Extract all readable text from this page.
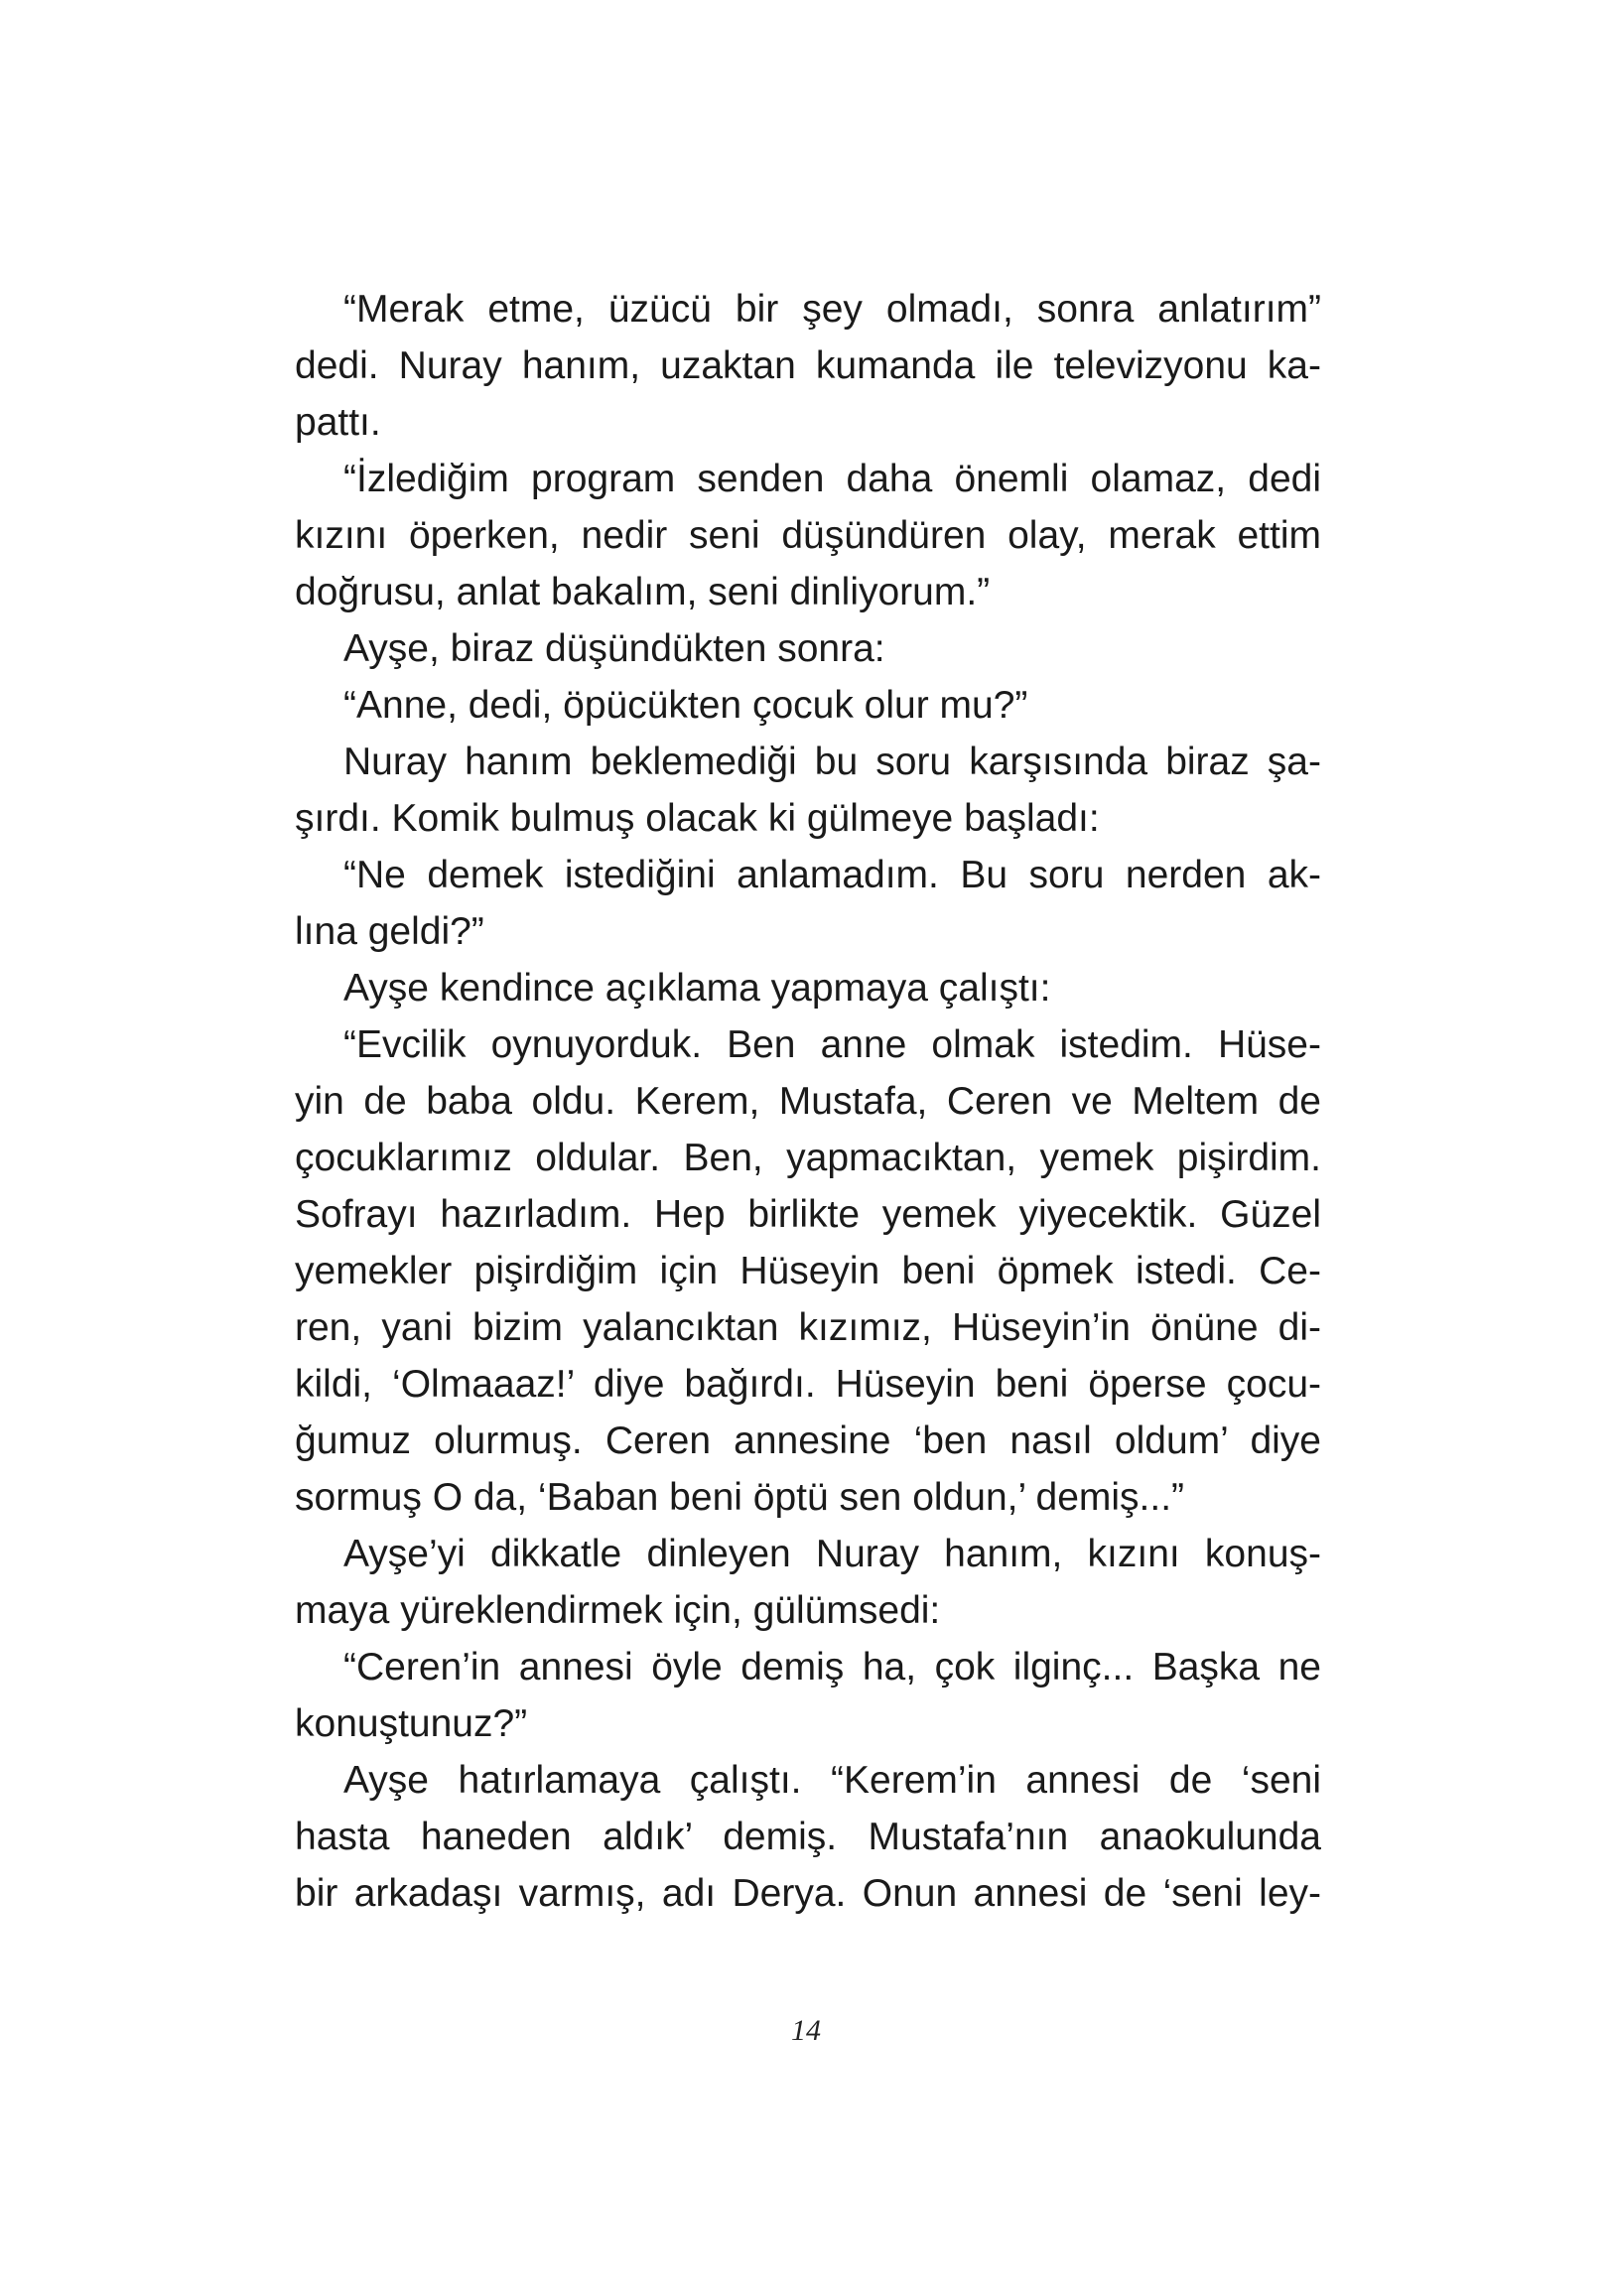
“Merak etme, üzücü bir şey olmadı, sonra anlatırım”
dedi. Nuray hanım, uzaktan kumanda ile televizyonu ka-
pattı.
“İzlediğim program senden daha önemli olamaz, dedi
kızını öperken, nedir seni düşündüren olay, merak ettim
doğrusu, anlat bakalım, seni dinliyorum.”
Ayşe, biraz düşündükten sonra:
“Anne, dedi, öpücükten çocuk olur mu?”
Nuray hanım beklemediği bu soru karşısında biraz şa-
şırdı. Komik bulmuş olacak ki gülmeye başladı:
“Ne demek istediğini anlamadım. Bu soru nerden ak-
lına geldi?”
Ayşe kendince açıklama yapmaya çalıştı:
“Evcilik oynuyorduk. Ben anne olmak istedim. Hüse-
yin de baba oldu. Kerem, Mustafa, Ceren ve Meltem de
çocuklarımız oldular. Ben, yapmacıktan, yemek pişirdim.
Sofrayı hazırladım. Hep birlikte yemek yiyecektik. Güzel
yemekler pişirdiğim için Hüseyin beni öpmek istedi. Ce-
ren, yani bizim yalancıktan kızımız, Hüseyin’in önüne di-
kildi, ‘Olmaaaz!’ diye bağırdı. Hüseyin beni öperse çocu-
ğumuz olurmuş. Ceren annesine ‘ben nasıl oldum’ diye
sormuş O da, ‘Baban beni öptü sen oldun,’ demiş...”
Ayşe’yi dikkatle dinleyen Nuray hanım, kızını konuş-
maya yüreklendirmek için, gülümsedi:
“Ceren’in annesi öyle demiş ha, çok ilginç... Başka ne
konuştunuz?”
Ayşe hatırlamaya çalıştı. “Kerem’in annesi de ‘seni
hasta haneden aldık’ demiş. Mustafa’nın anaokulunda
bir arkadaşı varmış, adı Derya. Onun annesi de ‘seni ley-
14
